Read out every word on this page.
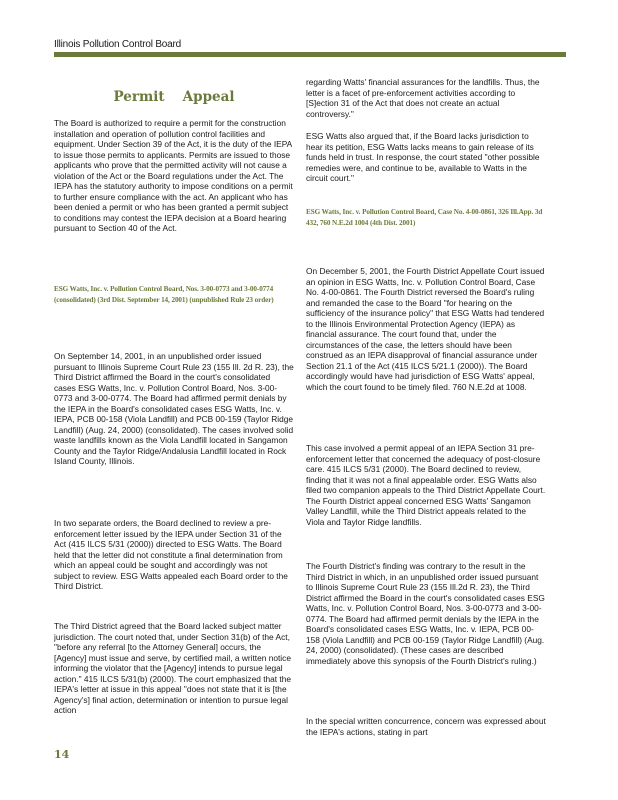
Illinois Pollution Control Board
Permit Appeal

The Board is authorized to require a permit for the construction installation and operation of pollution control facilities and equipment. Under Section 39 of the Act, it is the duty of the IEPA to issue those permits to applicants. Permits are issued to those applicants who prove that the permitted activity will not cause a violation of the Act or the Board regulations under the Act. The IEPA has the statutory authority to impose conditions on a permit to further ensure compliance with the act. An applicant who has been denied a permit or who has been granted a permit subject to conditions may contest the IEPA decision at a Board hearing pursuant to Section 40 of the Act.

ESG Watts, Inc. v. Pollution Control Board, Nos. 3-00-0773 and 3-00-0774 (consolidated) (3rd Dist. September 14, 2001) (unpublished Rule 23 order)

On September 14, 2001, in an unpublished order issued pursuant to Illinois Supreme Court Rule 23 (155 Ill. 2d R. 23), the Third District affirmed the Board in the court's consolidated cases ESG Watts, Inc. v. Pollution Control Board, Nos. 3-00-0773 and 3-00-0774. The Board had affirmed permit denials by the IEPA in the Board's consolidated cases ESG Watts, Inc. v. IEPA, PCB 00-158 (Viola Landfill) and PCB 00-159 (Taylor Ridge Landfill) (Aug. 24, 2000) (consolidated). The cases involved solid waste landfills known as the Viola Landfill located in Sangamon County and the Taylor Ridge/Andalusia Landfill located in Rock Island County, Illinois.

In two separate orders, the Board declined to review a pre-enforcement letter issued by the IEPA under Section 31 of the Act (415 ILCS 5/31 (2000)) directed to ESG Watts. The Board held that the letter did not constitute a final determination from which an appeal could be sought and accordingly was not subject to review. ESG Watts appealed each Board order to the Third District.

The Third District agreed that the Board lacked subject matter jurisdiction. The court noted that, under Section 31(b) of the Act, "before any referral [to the Attorney General] occurs, the [Agency] must issue and serve, by certified mail, a written notice informing the violator that the [Agency] intends to pursue legal action." 415 ILCS 5/31(b) (2000). The court emphasized that the IEPA's letter at issue in this appeal "does not state that it is [the Agency's] final action, determination or intention to pursue legal action

regarding Watts' financial assurances for the landfills. Thus, the letter is a facet of pre-enforcement activities according to [S]ection 31 of the Act that does not create an actual controversy."

ESG Watts also argued that, if the Board lacks jurisdiction to hear its petition, ESG Watts lacks means to gain release of its funds held in trust. In response, the court stated "other possible remedies were, and continue to be, available to Watts in the circuit court."

ESG Watts, Inc. v. Pollution Control Board, Case No. 4-00-0861, 326 Ill.App. 3d 432, 760 N.E.2d 1004 (4th Dist. 2001)

On December 5, 2001, the Fourth District Appellate Court issued an opinion in ESG Watts, Inc. v. Pollution Control Board, Case No. 4-00-0861. The Fourth District reversed the Board's ruling and remanded the case to the Board "for hearing on the sufficiency of the insurance policy" that ESG Watts had tendered to the Illinois Environmental Protection Agency (IEPA) as financial assurance. The court found that, under the circumstances of the case, the letters should have been construed as an IEPA disapproval of financial assurance under Section 21.1 of the Act (415 ILCS 5/21.1 (2000)). The Board accordingly would have had jurisdiction of ESG Watts' appeal, which the court found to be timely filed. 760 N.E.2d at 1008.

This case involved a permit appeal of an IEPA Section 31 pre-enforcement letter that concerned the adequacy of post-closure care. 415 ILCS 5/31 (2000). The Board declined to review, finding that it was not a final appealable order. ESG Watts also filed two companion appeals to the Third District Appellate Court. The Fourth District appeal concerned ESG Watts' Sangamon Valley Landfill, while the Third District appeals related to the Viola and Taylor Ridge landfills.

The Fourth District's finding was contrary to the result in the Third District in which, in an unpublished order issued pursuant to Illinois Supreme Court Rule 23 (155 Ill.2d R. 23), the Third District affirmed the Board in the court's consolidated cases ESG Watts, Inc. v. Pollution Control Board, Nos. 3-00-0773 and 3-00-0774. The Board had affirmed permit denials by the IEPA in the Board's consolidated cases ESG Watts, Inc. v. IEPA, PCB 00-158 (Viola Landfill) and PCB 00-159 (Taylor Ridge Landfill) (Aug. 24, 2000) (consolidated). (These cases are described immediately above this synopsis of the Fourth District's ruling.)

In the special written concurrence, concern was expressed about the IEPA's actions, stating in part

14
